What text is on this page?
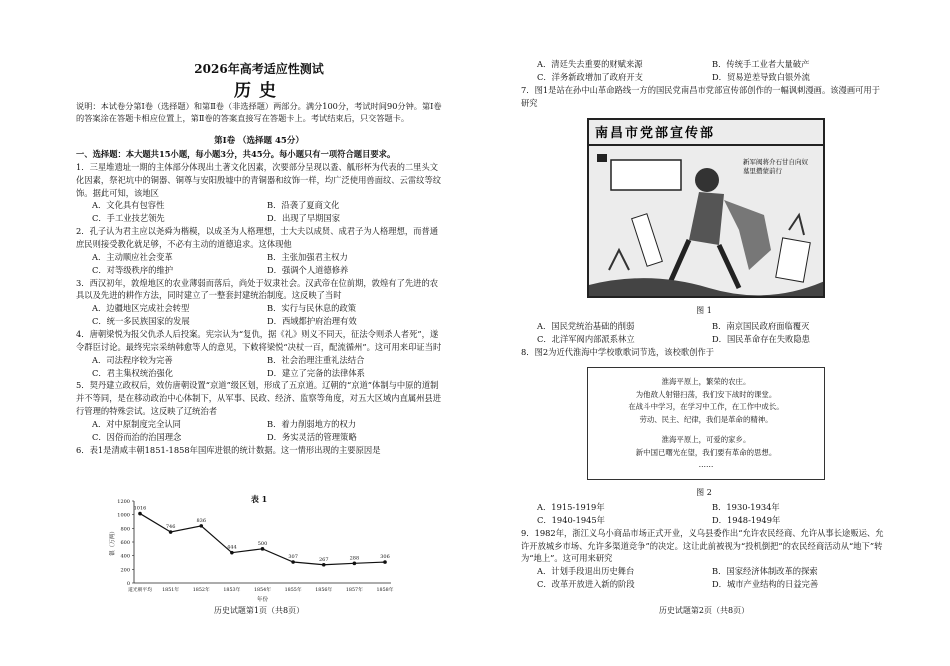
2026年高考适应性测试
历史
说明：本试卷分第Ⅰ卷（选择题）和第Ⅱ卷（非选择题）两部分。满分100分，考试时间90分钟。第Ⅰ卷的答案涂在答题卡相应位置上，第Ⅱ卷的答案直接写在答题卡上。考试结束后，只交答题卡。
第Ⅰ卷 （选择题 45分）

一、选择题：本大题共15小题，每小题3分，共45分。每小题只有一项符合题目要求。

1．三星堆遗址一期的主体部分体现出土著文化因素，次要部分呈现以盉、觚形杯为代表的二里头文化因素，祭祀坑中的铜器、铜尊与安阳殷墟中的青铜器和纹饰一样，均广泛使用兽面纹、云雷纹等纹饰。据此可知，该地区

A．文化具有包容性	B．沿袭了夏商文化
C．手工业技艺领先	D．出现了早期国家

2．孔子认为君主应以尧舜为楷模，以成圣为人格理想，士大夫以成贤、成君子为人格理想，而普通庶民则接受教化就足够，不必有主动的道德追求。这体现他

A．主动顺应社会变革	B．主张加强君主权力
C．对等级秩序的维护	D．强调个人道德修养

3．西汉初年，敦煌地区的农业薄弱而落后，尚处于奴隶社会。汉武帝在位前期，敦煌有了先进的农具以及先进的耕作方法，同时建立了一整套封建统治制度。这反映了当时

A．边疆地区完成社会转型	B．实行与民休息的政策
C．统一多民族国家的发展	D．西域都护府治理有效

4．唐朝梁悦为报父仇杀人后投案。宪宗认为“复仇，据《礼》则义不同天，征法令则杀人者死”，遂令群臣讨论。最终宪宗采纳韩愈等人的意见，下敕将梁悦“决杖一百，配流循州”。这可用来印证当时

A．司法程序较为完善	B．社会治理注重礼法结合
C．君主集权统治强化	D．建立了完备的法律体系

5．契丹建立政权后，效仿唐朝设置“京道”级区划，形成了五京道。辽朝的“京道”体制与中原的道制并不等同，是在移动政治中心体制下，从军事、民政、经济、监察等角度，对五大区域内直属州县进行管理的特殊尝试。这反映了辽统治者

A．对中原制度完全认同	B．着力削弱地方的权力
C．因俗而治的治国理念	D．务实灵活的管理策略

6．表1是清咸丰朝1851-1858年国库进银的统计数据。这一情形出现的主要原因是

表 1
0
200
400
600
800
1000
1200
银（万两）
道光朝平均 1851年	1852年	1853年	1854年	1855年	1856年	1857年	1858年
年份
1016
746
836
444
500
307	267	288	306
历史试题第1页（共8页）
A．清廷失去重要的财赋来源	B．传统手工业者大量破产
C．洋务新政增加了政府开支	D．贸易逆差导致白银外流

7．图1是站在孙中山革命路线一方的国民党南昌市党部宣传部创作的一幅讽刺漫画。该漫画可用于研究

南昌市党部宣传部
新军阀蒋介石甘自向奴墓里攒蒙前行
图 1
A．国民党统治基础的削弱	B．南京国民政府面临覆灭
C．北洋军阀内部派系林立	D．国民革命存在失败隐患

8．图2为近代淮海中学校歌歌词节选，该校歌创作于

淮海平原上，繁荣的农庄。
为他敌人射错扫荡，我们安下战时的课堂。
在战斗中学习，在学习中工作，在工作中成长。
劳动、民主、纪律，我们是革命的精神。
淮海平原上，可爱的家乡。
新中国已曙光在望，我们要有革命的思想。
……
图 2
A．1915-1919年	B．1930-1934年
C．1940-1945年	D．1948-1949年

9．1982年，浙江义乌小商品市场正式开业，义乌县委作出“允许农民经商、允许从事长途贩运、允许开放城乡市场、允许多渠道竞争”的决定。这让此前被视为“投机倒把”的农民经商活动从“地下”转为“地上”。这可用来研究

A．计划手段退出历史舞台	B．国家经济体制改革的探索
C．改革开放进入新的阶段	D．城市产业结构的日益完善
历史试题第2页（共8页）
